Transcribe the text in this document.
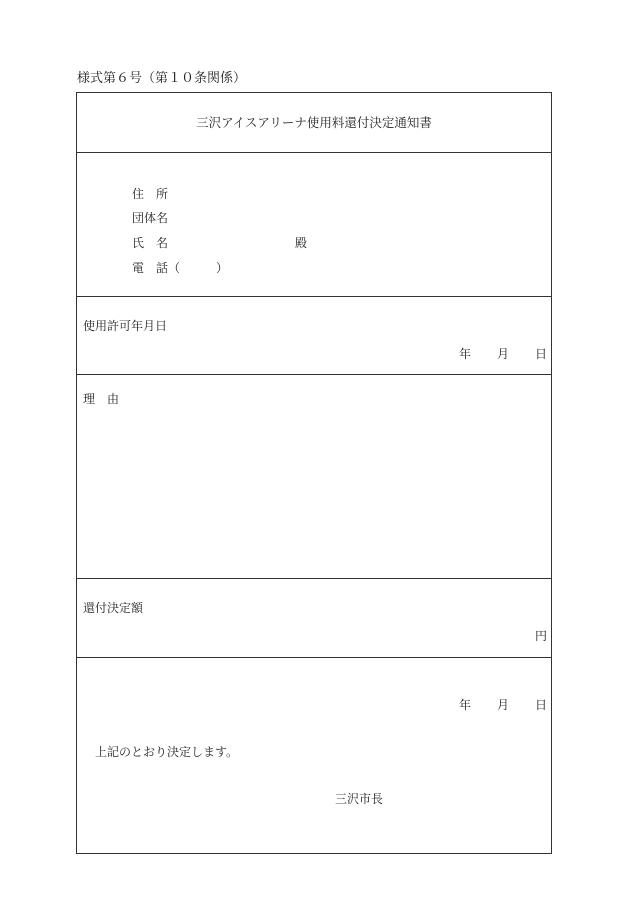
様式第６号（第１０条関係）
三沢アイスアリーナ使用料還付決定通知書
住 所
団体名
氏 名	殿
電 話（	）
使用許可年月日
年 月 日
理 由
還付決定額
円
年 月 日
上記のとおり決定します。
三沢市長
